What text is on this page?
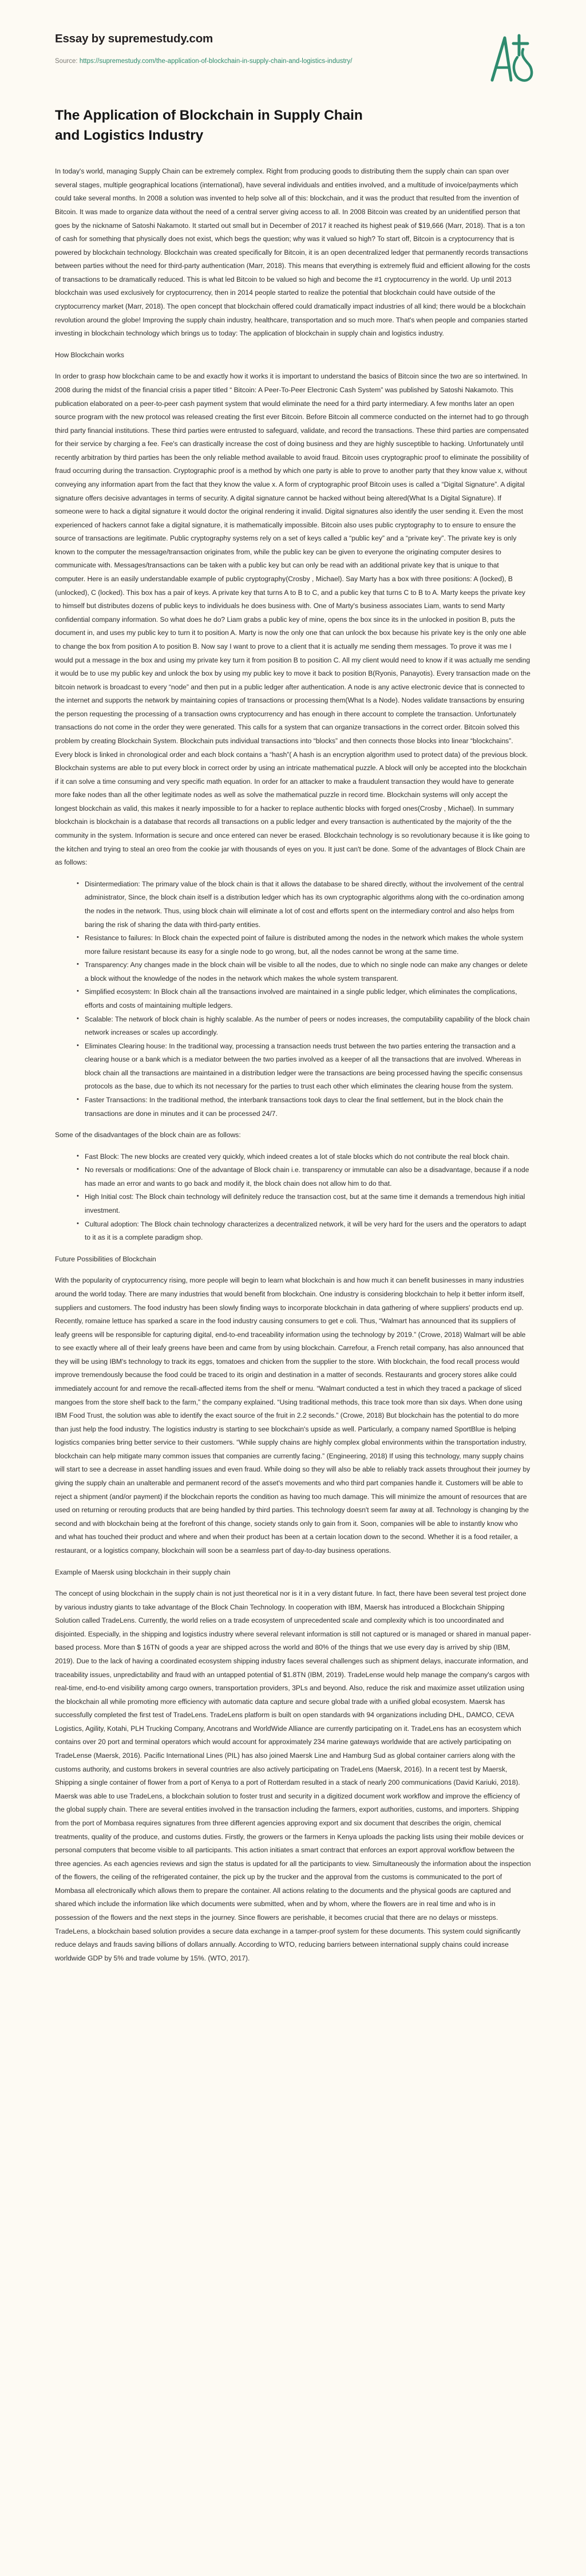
Essay by supremestudy.com

Source: https://supremestudy.com/the-application-of-blockchain-in-supply-chain-and-logistics-industry/

The Application of Blockchain in Supply Chain and Logistics Industry

In today's world, managing Supply Chain can be extremely complex. Right from producing goods to distributing them the supply chain can span over several stages, multiple geographical locations (international), have several individuals and entities involved, and a multitude of invoice/payments which could take several months. In 2008 a solution was invented to help solve all of this: blockchain, and it was the product that resulted from the invention of Bitcoin. It was made to organize data without the need of a central server giving access to all. In 2008 Bitcoin was created by an unidentified person that goes by the nickname of Satoshi Nakamoto. It started out small but in December of 2017 it reached its highest peak of $19,666 (Marr, 2018). That is a ton of cash for something that physically does not exist, which begs the question; why was it valued so high? To start off, Bitcoin is a cryptocurrency that is powered by blockchain technology. Blockchain was created specifically for Bitcoin, it is an open decentralized ledger that permanently records transactions between parties without the need for third-party authentication (Marr, 2018). This means that everything is extremely fluid and efficient allowing for the costs of transactions to be dramatically reduced. This is what led Bitcoin to be valued so high and become the #1 cryptocurrency in the world. Up until 2013 blockchain was used exclusively for cryptocurrency, then in 2014 people started to realize the potential that blockchain could have outside of the cryptocurrency market (Marr, 2018). The open concept that blockchain offered could dramatically impact industries of all kind; there would be a blockchain revolution around the globe! Improving the supply chain industry, healthcare, transportation and so much more. That's when people and companies started investing in blockchain technology which brings us to today: The application of blockchain in supply chain and logistics industry.

How Blockchain works

In order to grasp how blockchain came to be and exactly how it works it is important to understand the basics of Bitcoin since the two are so intertwined. In 2008 during the midst of the financial crisis a paper titled “ Bitcoin: A Peer-To-Peer Electronic Cash System” was published by Satoshi Nakamoto. This publication elaborated on a peer-to-peer cash payment system that would eliminate the need for a third party intermediary. A few months later an open source program with the new protocol was released creating the first ever Bitcoin. Before Bitcoin all commerce conducted on the internet had to go through third party financial institutions. These third parties were entrusted to safeguard, validate, and record the transactions. These third parties are compensated for their service by charging a fee. Fee's can drastically increase the cost of doing business and they are highly susceptible to hacking. Unfortunately until recently arbitration by third parties has been the only reliable method available to avoid fraud. Bitcoin uses cryptographic proof to eliminate the possibility of fraud occurring during the transaction. Cryptographic proof is a method by which one party is able to prove to another party that they know value x, without conveying any information apart from the fact that they know the value x. A form of cryptographic proof Bitcoin uses is called a “Digital Signature”. A digital signature offers decisive advantages in terms of security. A digital signature cannot be hacked without being altered(What Is a Digital Signature). If someone were to hack a digital signature it would doctor the original rendering it invalid. Digital signatures also identify the user sending it. Even the most experienced of hackers cannot fake a digital signature, it is mathematically impossible. Bitcoin also uses public cryptography to to ensure to ensure the source of transactions are legitimate. Public cryptography systems rely on a set of keys called a “public key” and a “private key”. The private key is only known to the computer the message/transaction originates from, while the public key can be given to everyone the originating computer desires to communicate with. Messages/transactions can be taken with a public key but can only be read with an additional private key that is unique to that computer. Here is an easily understandable example of public cryptography(Crosby , Michael). Say Marty has a box with three positions: A (locked), B (unlocked), C (locked). This box has a pair of keys. A private key that turns A to B to C, and a public key that turns C to B to A. Marty keeps the private key to himself but distributes dozens of public keys to individuals he does business with. One of Marty's business associates Liam, wants to send Marty confidential company information. So what does he do? Liam grabs a public key of mine, opens the box since its in the unlocked in position B, puts the document in, and uses my public key to turn it to position A. Marty is now the only one that can unlock the box because his private key is the only one able to change the box from position A to position B. Now say I want to prove to a client that it is actually me sending them messages. To prove it was me I would put a message in the box and using my private key turn it from position B to position C. All my client would need to know if it was actually me sending it would be to use my public key and unlock the box by using my public key to move it back to position B(Ryonis, Panayotis). Every transaction made on the bitcoin network is broadcast to every “node” and then put in a public ledger after authentication. A node is any active electronic device that is connected to the internet and supports the network by maintaining copies of transactions or processing them(What Is a Node). Nodes validate transactions by ensuring the person requesting the processing of a transaction owns cryptocurrency and has enough in there account to complete the transaction. Unfortunately transactions do not come in the order they were generated. This calls for a system that can organize transactions in the correct order. Bitcoin solved this problem by creating Blockchain System. Blockchain puts individual transactions into “blocks” and then connects those blocks into linear “blockchains”. Every block is linked in chronological order and each block contains a “hash”( A hash is an encryption algorithm used to protect data) of the previous block. Blockchain systems are able to put every block in correct order by using an intricate mathematical puzzle. A block will only be accepted into the blockchain if it can solve a time consuming and very specific math equation. In order for an attacker to make a fraudulent transaction they would have to generate more fake nodes than all the other legitimate nodes as well as solve the mathematical puzzle in record time. Blockchain systems will only accept the longest blockchain as valid, this makes it nearly impossible to for a hacker to replace authentic blocks with forged ones(Crosby , Michael). In summary blockchain is blockchain is a database that records all transactions on a public ledger and every transaction is authenticated by the majority of the the community in the system. Information is secure and once entered can never be erased. Blockchain technology is so revolutionary because it is like going to the kitchen and trying to steal an oreo from the cookie jar with thousands of eyes on you. It just can't be done. Some of the advantages of Block Chain are as follows:

• Disintermediation: The primary value of the block chain is that it allows the database to be shared directly, without the involvement of the central administrator, Since, the block chain itself is a distribution ledger which has its own cryptographic algorithms along with the co-ordination among the nodes in the network. Thus, using block chain will eliminate a lot of cost and efforts spent on the intermediary control and also helps from baring the risk of sharing the data with third-party entities.
• Resistance to failures: In Block chain the expected point of failure is distributed among the nodes in the network which makes the whole system more failure resistant because its easy for a single node to go wrong, but, all the nodes cannot be wrong at the same time.
• Transparency: Any changes made in the block chain will be visible to all the nodes, due to which no single node can make any changes or delete a block without the knowledge of the nodes in the network which makes the whole system transparent.
• Simplified ecosystem: In Block chain all the transactions involved are maintained in a single public ledger, which eliminates the complications, efforts and costs of maintaining multiple ledgers.
• Scalable: The network of block chain is highly scalable. As the number of peers or nodes increases, the computability capability of the block chain network increases or scales up accordingly.
• Eliminates Clearing house: In the traditional way, processing a transaction needs trust between the two parties entering the transaction and a clearing house or a bank which is a mediator between the two parties involved as a keeper of all the transactions that are involved. Whereas in block chain all the transactions are maintained in a distribution ledger were the transactions are being processed having the specific consensus protocols as the base, due to which its not necessary for the parties to trust each other which eliminates the clearing house from the system.
• Faster Transactions: In the traditional method, the interbank transactions took days to clear the final settlement, but in the block chain the transactions are done in minutes and it can be processed 24/7.

Some of the disadvantages of the block chain are as follows:

• Fast Block: The new blocks are created very quickly, which indeed creates a lot of stale blocks which do not contribute the real block chain.
• No reversals or modifications: One of the advantage of Block chain i.e. transparency or immutable can also be a disadvantage, because if a node has made an error and wants to go back and modify it, the block chain does not allow him to do that.
• High Initial cost: The Block chain technology will definitely reduce the transaction cost, but at the same time it demands a tremendous high initial investment.
• Cultural adoption: The Block chain technology characterizes a decentralized network, it will be very hard for the users and the operators to adapt to it as it is a complete paradigm shop.
Future Possibilities of Blockchain

With the popularity of cryptocurrency rising, more people will begin to learn what blockchain is and how much it can benefit businesses in many industries around the world today. There are many industries that would benefit from blockchain. One industry is considering blockchain to help it better inform itself, suppliers and customers. The food industry has been slowly finding ways to incorporate blockchain in data gathering of where suppliers' products end up. Recently, romaine lettuce has sparked a scare in the food industry causing consumers to get e coli. Thus, “Walmart has announced that its suppliers of leafy greens will be responsible for capturing digital, end-to-end traceability information using the technology by 2019.” (Crowe, 2018) Walmart will be able to see exactly where all of their leafy greens have been and came from by using blockchain. Carrefour, a French retail company, has also announced that they will be using IBM's technology to track its eggs, tomatoes and chicken from the supplier to the store. With blockchain, the food recall process would improve tremendously because the food could be traced to its origin and destination in a matter of seconds. Restaurants and grocery stores alike could immediately account for and remove the recall-affected items from the shelf or menu. “Walmart conducted a test in which they traced a package of sliced mangoes from the store shelf back to the farm,” the company explained. “Using traditional methods, this trace took more than six days. When done using IBM Food Trust, the solution was able to identify the exact source of the fruit in 2.2 seconds.” (Crowe, 2018) But blockchain has the potential to do more than just help the food industry. The logistics industry is starting to see blockchain's upside as well. Particularly, a company named SportBlue is helping logistics companies bring better service to their customers. “While supply chains are highly complex global environments within the transportation industry, blockchain can help mitigate many common issues that companies are currently facing.” (Engineering, 2018) If using this technology, many supply chains will start to see a decrease in asset handling issues and even fraud. While doing so they will also be able to reliably track assets throughout their journey by giving the supply chain an unalterable and permanent record of the asset's movements and who third part companies handle it. Customers will be able to reject a shipment (and/or payment) if the blockchain reports the condition as having too much damage. This will minimize the amount of resources that are used on returning or rerouting products that are being handled by third parties. This technology doesn't seem far away at all. Technology is changing by the second and with blockchain being at the forefront of this change, society stands only to gain from it. Soon, companies will be able to instantly know who and what has touched their product and where and when their product has been at a certain location down to the second. Whether it is a food retailer, a restaurant, or a logistics company, blockchain will soon be a seamless part of day-to-day business operations.

Example of Maersk using blockchain in their supply chain

The concept of using blockchain in the supply chain is not just theoretical nor is it in a very distant future. In fact, there have been several test project done by various industry giants to take advantage of the Block Chain Technology. In cooperation with IBM, Maersk has introduced a Blockchain Shipping Solution called TradeLens. Currently, the world relies on a trade ecosystem of unprecedented scale and complexity which is too uncoordinated and disjointed. Especially, in the shipping and logistics industry where several relevant information is still not captured or is managed or shared in manual paper-based process. More than $ 16TN of goods a year are shipped across the world and 80% of the things that we use every day is arrived by ship (IBM, 2019). Due to the lack of having a coordinated ecosystem shipping industry faces several challenges such as shipment delays, inaccurate information, and traceability issues, unpredictability and fraud with an untapped potential of $1.8TN (IBM, 2019). TradeLense would help manage the company's cargos with real-time, end-to-end visibility among cargo owners, transportation providers, 3PLs and beyond. Also, reduce the risk and maximize asset utilization using the blockchain all while promoting more efficiency with automatic data capture and secure global trade with a unified global ecosystem. Maersk has successfully completed the first test of TradeLens. TradeLens platform is built on open standards with 94 organizations including DHL, DAMCO, CEVA Logistics, Agility, Kotahi, PLH Trucking Company, Ancotrans and WorldWide Alliance are currently participating on it. TradeLens has an ecosystem which contains over 20 port and terminal operators which would account for approximately 234 marine gateways worldwide that are actively participating on TradeLense (Maersk, 2016). Pacific International Lines (PIL) has also joined Maersk Line and Hamburg Sud as global container carriers along with the customs authority, and customs brokers in several countries are also actively participating on TradeLens (Maersk, 2016). In a recent test by Maersk, Shipping a single container of flower from a port of Kenya to a port of Rotterdam resulted in a stack of nearly 200 communications (David Kariuki, 2018). Maersk was able to use TradeLens, a blockchain solution to foster trust and security in a digitized document work workflow and improve the efficiency of the global supply chain. There are several entities involved in the transaction including the farmers, export authorities, customs, and importers. Shipping from the port of Mombasa requires signatures from three different agencies approving export and six document that describes the origin, chemical treatments, quality of the produce, and customs duties. Firstly, the growers or the farmers in Kenya uploads the packing lists using their mobile devices or personal computers that become visible to all participants. This action initiates a smart contract that enforces an export approval workflow between the three agencies. As each agencies reviews and sign the status is updated for all the participants to view. Simultaneously the information about the inspection of the flowers, the ceiling of the refrigerated container, the pick up by the trucker and the approval from the customs is communicated to the port of Mombasa all electronically which allows them to prepare the container. All actions relating to the documents and the physical goods are captured and shared which include the information like which documents were submitted, when and by whom, where the flowers are in real time and who is in possession of the flowers and the next steps in the journey. Since flowers are perishable, it becomes crucial that there are no delays or missteps. TradeLens, a blockchain based solution provides a secure data exchange in a tamper-proof system for these documents. This system could significantly reduce delays and frauds saving billions of dollars annually. According to WTO, reducing barriers between international supply chains could increase worldwide GDP by 5% and trade volume by 15%. (WTO, 2017).
